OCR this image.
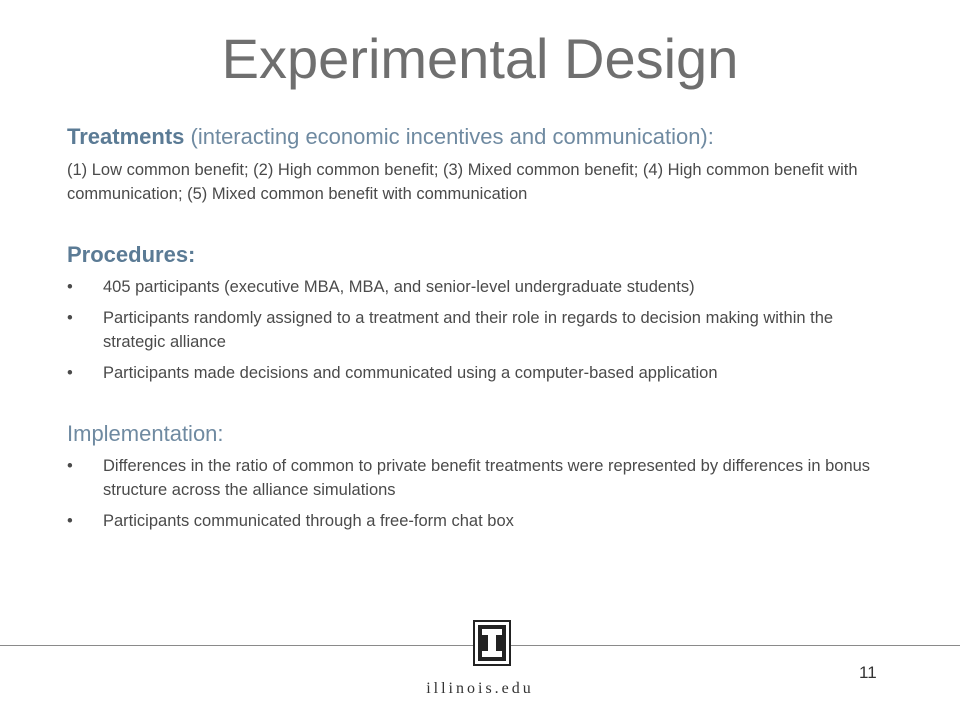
Experimental Design

Treatments (interacting economic incentives and communication):

(1) Low common benefit; (2) High common benefit; (3) Mixed common benefit; (4) High common benefit with communication; (5) Mixed common benefit with communication

Procedures:

• 405 participants (executive MBA, MBA, and senior-level undergraduate students)
• Participants randomly assigned to a treatment and their role in regards to decision making within the strategic alliance
• Participants made decisions and communicated using a computer-based application

Implementation:

• Differences in the ratio of common to private benefit treatments were represented by differences in bonus structure across the alliance simulations
• Participants communicated through a free-form chat box
11
illinois.edu
